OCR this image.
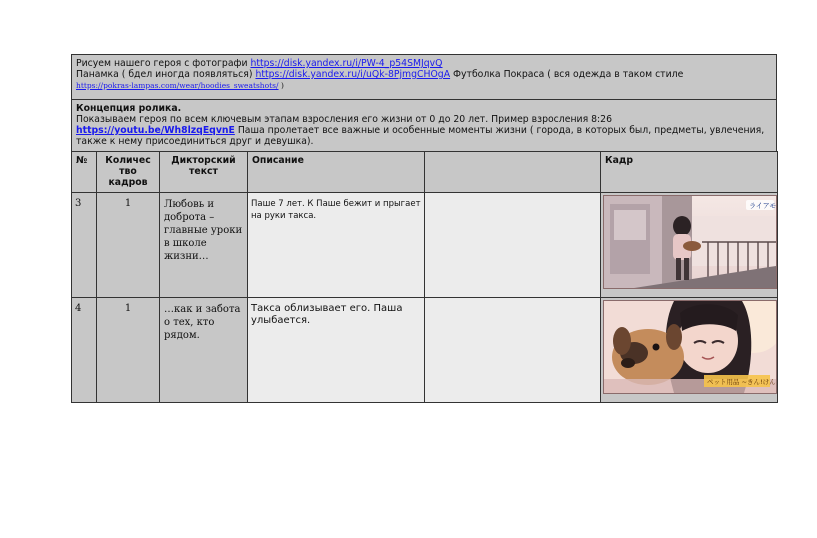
Рисуем нашего героя с фотографи https://disk.yandex.ru/i/PW-4_p54SMJqvQ
Панамка ( бдел иногда появляться) https://disk.yandex.ru/i/uQk-8PjmgCHOgA Футболка Покраса ( вся одежда в таком стиле
https://pokras-lampas.com/wear/hoodies_sweatshots/ )

Концепция ролика.
Показываем героя по всем ключевым этапам взросления его жизни от 0 до 20 лет. Пример взросления 8:26
https://youtu.be/Wh8lzqEqvnE Паша пролетает все важные и особенные моменты жизни ( города, в которых был, предметы, увлечения, также к нему присоединиться друг и девушка).
№	Количес тво кадров	Дикторский текст	Описание		Кадр
3	1	Любовь и доброта – главные уроки в школе жизни…	Паше 7 лет. К Паше бежит и прыгает на руки такса.		ライアモ

4	1	…как и забота о тех, кто рядом.	Такса облизывает его. Паша улыбается.		ペット用品 ~きん!けん
